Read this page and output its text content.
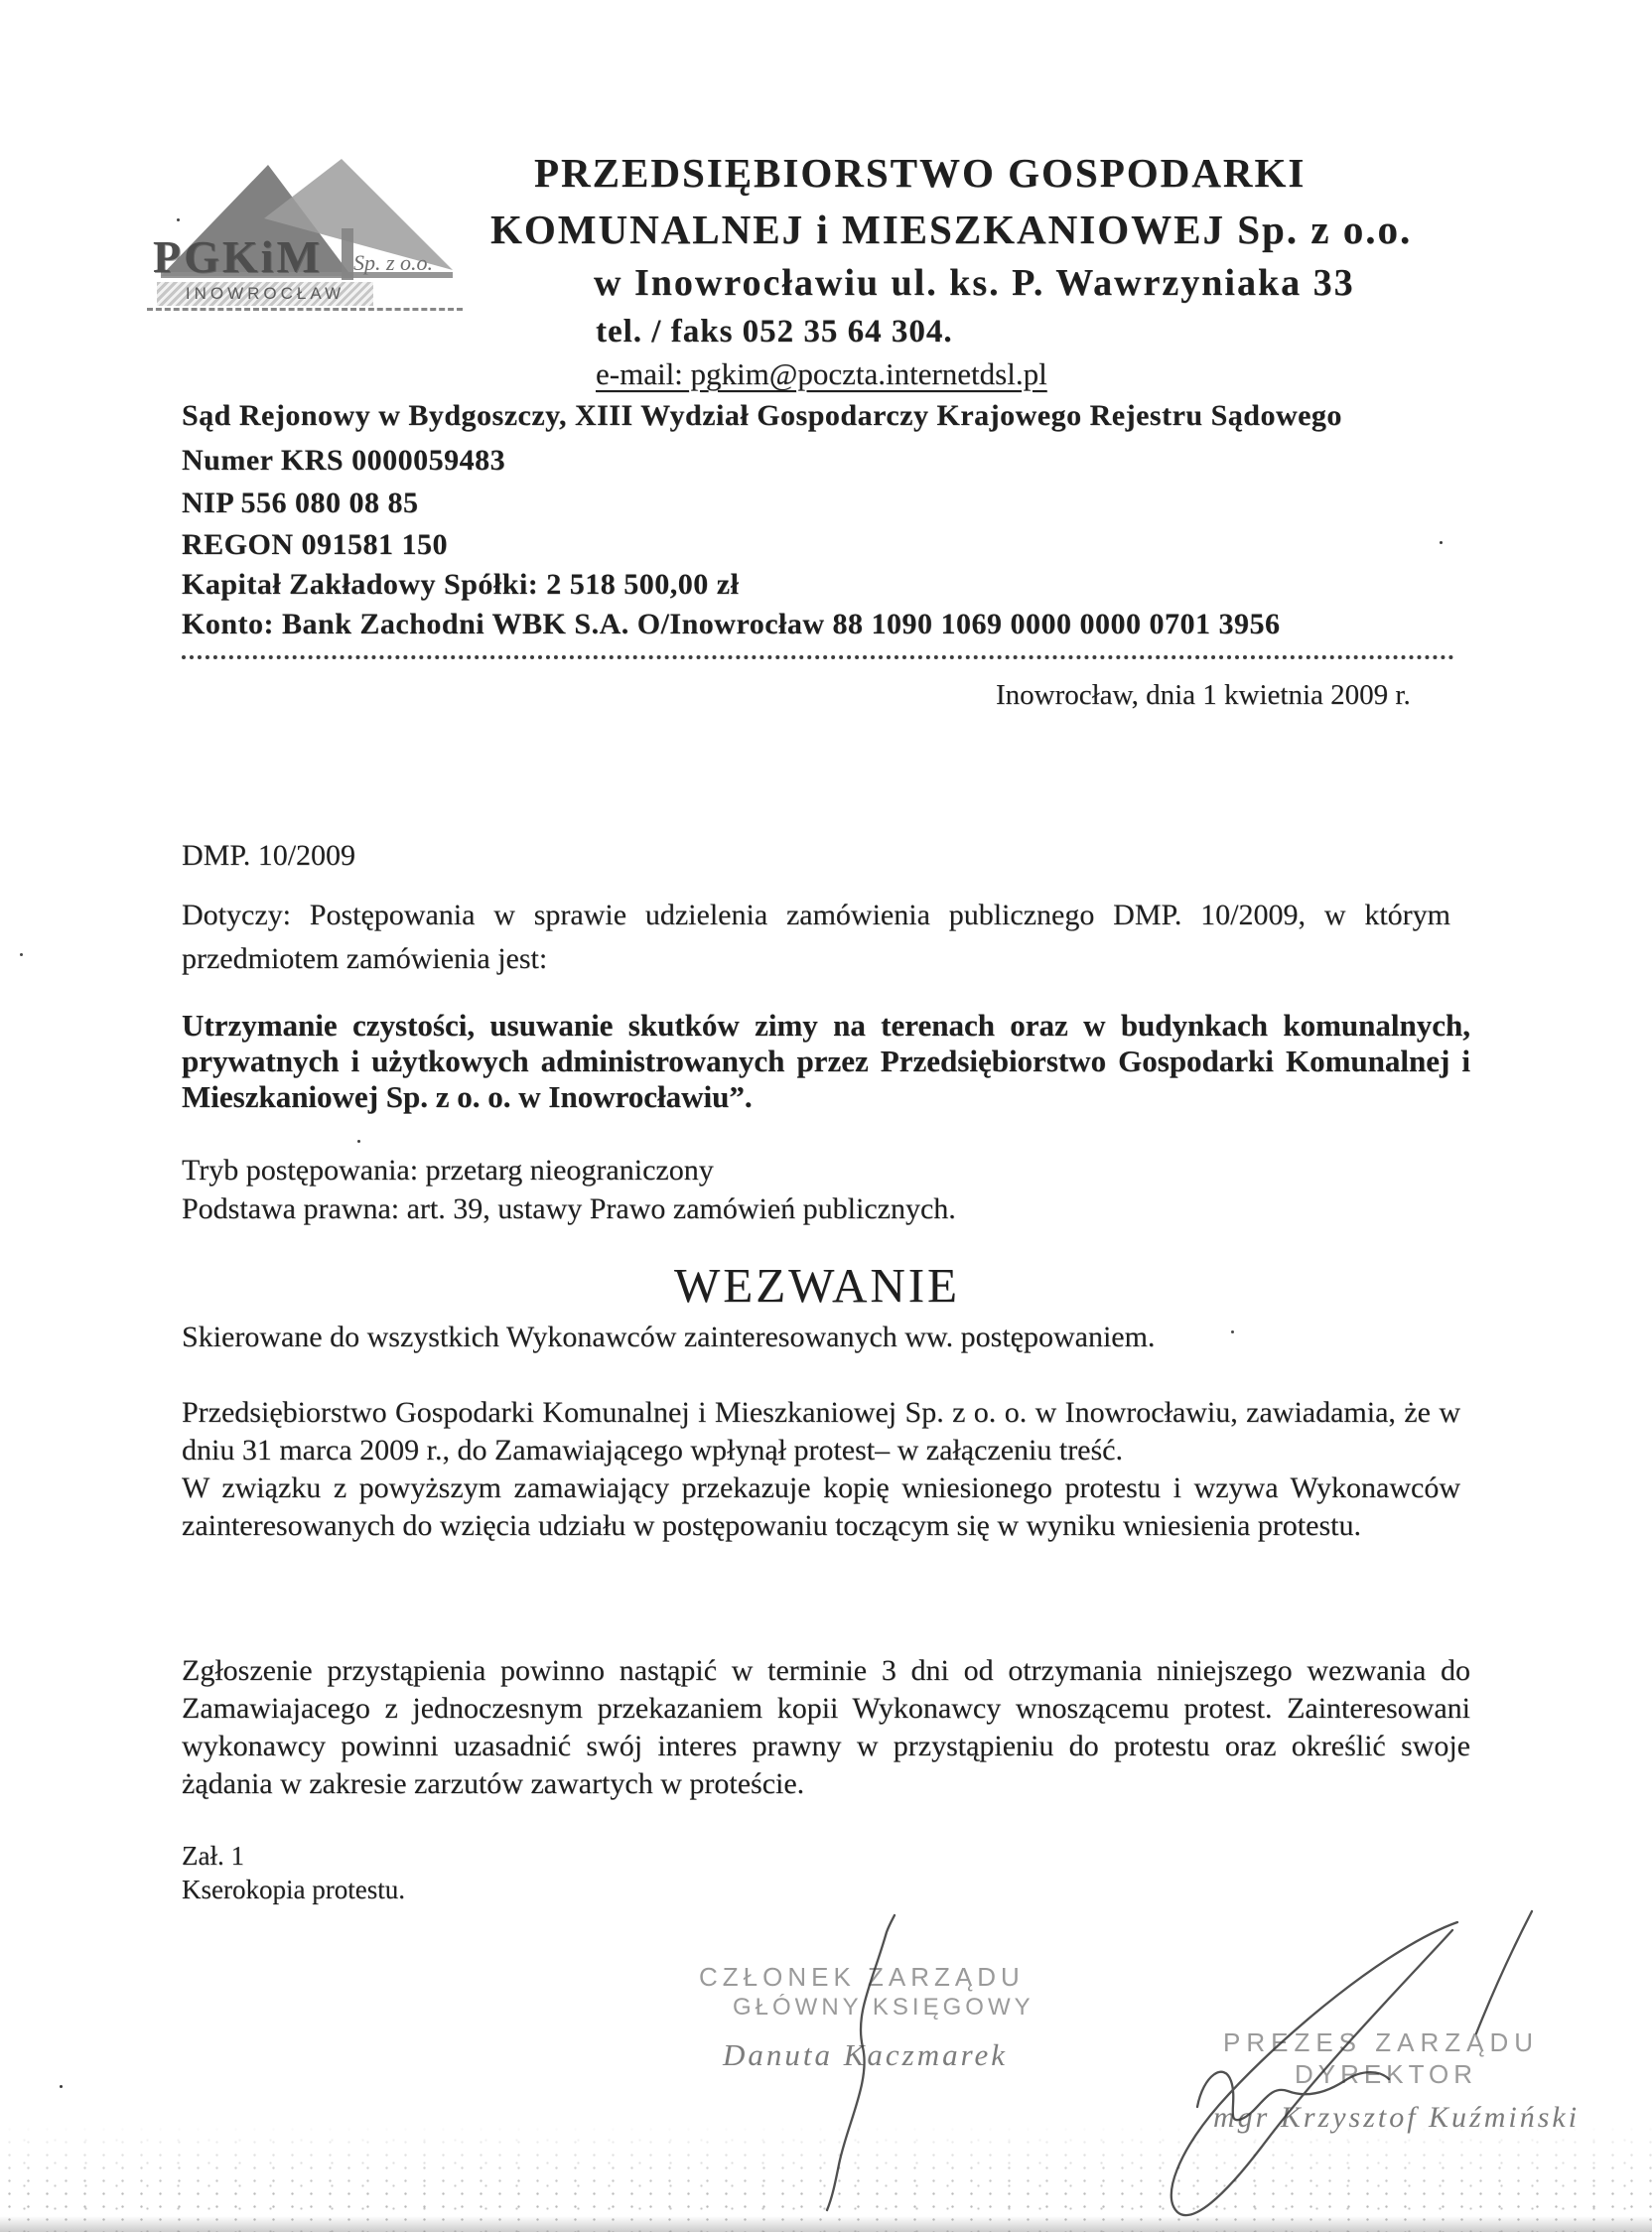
PGKiM Sp. z o.o.
INOWROCŁAW
PRZEDSIĘBIORSTWO GOSPODARKI
KOMUNALNEJ i MIESZKANIOWEJ Sp. z o.o.
w Inowrocławiu ul. ks. P. Wawrzyniaka 33
tel. / faks 052 35 64 304.
e-mail: pgkim@poczta.internetdsl.pl
Sąd Rejonowy w Bydgoszczy, XIII Wydział Gospodarczy Krajowego Rejestru Sądowego
Numer KRS 0000059483
NIP 556 080 08 85
REGON 091581 150
Kapitał Zakładowy Spółki: 2 518 500,00 zł
Konto: Bank Zachodni WBK S.A. O/Inowrocław 88 1090 1069 0000 0000 0701 3956
Inowrocław, dnia 1 kwietnia 2009 r.
DMP. 10/2009
Dotyczy: Postępowania w sprawie udzielenia zamówienia publicznego DMP. 10/2009, w którym przedmiotem zamówienia jest:
Utrzymanie czystości, usuwanie skutków zimy na terenach oraz w budynkach komunalnych, prywatnych i użytkowych administrowanych przez Przedsiębiorstwo Gospodarki Komunalnej i Mieszkaniowej Sp. z o. o. w Inowrocławiu”.
Tryb postępowania: przetarg nieograniczony
Podstawa prawna: art. 39, ustawy Prawo zamówień publicznych.
WEZWANIE
Skierowane do wszystkich Wykonawców zainteresowanych ww. postępowaniem.

Przedsiębiorstwo Gospodarki Komunalnej i Mieszkaniowej Sp. z o. o. w Inowrocławiu, zawiadamia, że w dniu 31 marca 2009 r., do Zamawiającego wpłynął protest– w załączeniu treść.

W związku z powyższym zamawiający przekazuje kopię wniesionego protestu i wzywa Wykonawców zainteresowanych do wzięcia udziału w postępowaniu toczącym się w wyniku wniesienia protestu.

Zgłoszenie przystąpienia powinno nastąpić w terminie 3 dni od otrzymania niniejszego wezwania do Zamawiajacego z jednoczesnym przekazaniem kopii Wykonawcy wnoszącemu protest. Zainteresowani wykonawcy powinni uzasadnić swój interes prawny w przystąpieniu do protestu oraz określić swoje żądania w zakresie zarzutów zawartych w proteście.
Zał. 1
Kserokopia protestu.
CZŁONEK ZARZĄDU
GŁÓWNY KSIĘGOWY
Danuta Kaczmarek	PREZES ZARZĄDU
DYREKTOR
mgr Krzysztof Kuźmiński
